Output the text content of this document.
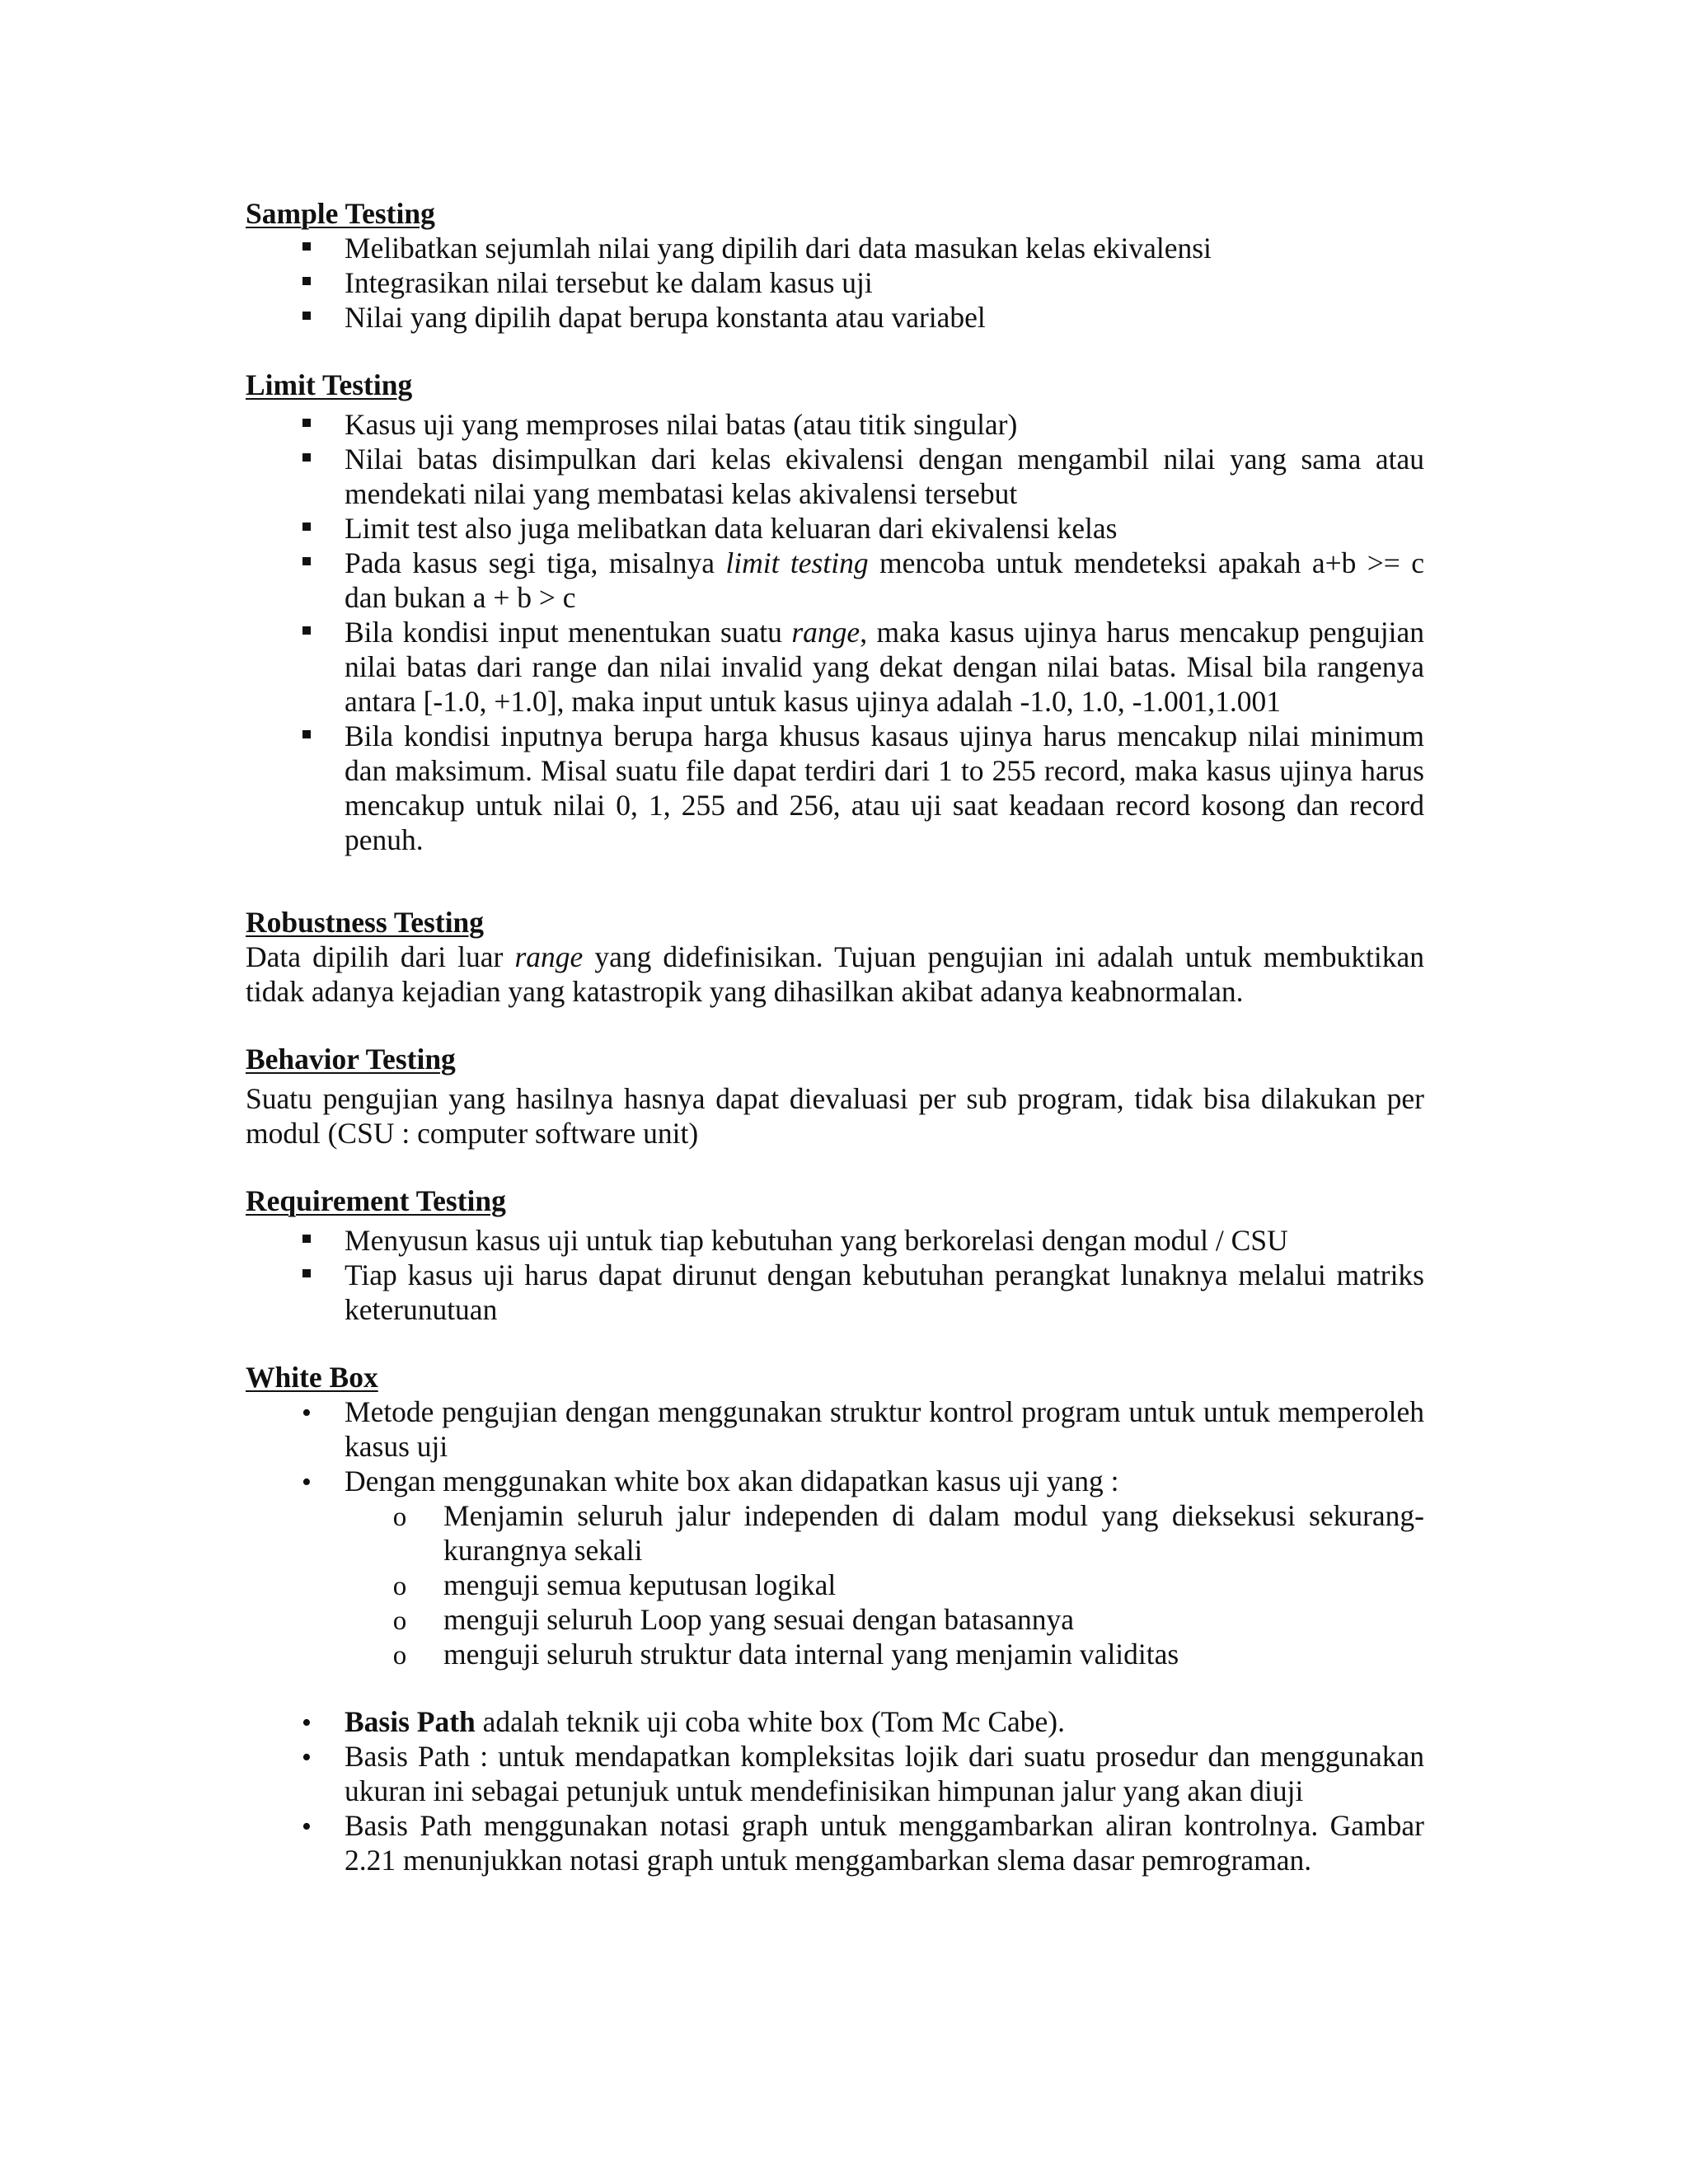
Sample Testing
Melibatkan sejumlah nilai yang dipilih dari data masukan kelas ekivalensi
Integrasikan nilai tersebut ke dalam kasus uji
Nilai yang dipilih dapat berupa konstanta atau variabel
Limit Testing
Kasus uji yang memproses nilai batas (atau titik singular)
Nilai batas disimpulkan dari kelas ekivalensi dengan mengambil nilai yang sama atau mendekati nilai yang membatasi kelas akivalensi tersebut
Limit test also juga melibatkan data keluaran dari ekivalensi kelas
Pada kasus segi tiga, misalnya limit testing mencoba untuk mendeteksi apakah a+b >= c dan bukan a + b > c
Bila kondisi input menentukan suatu range, maka kasus ujinya harus mencakup pengujian nilai batas dari range dan nilai invalid yang dekat dengan nilai batas. Misal bila rangenya antara [-1.0, +1.0], maka input untuk kasus ujinya adalah -1.0, 1.0, -1.001,1.001
Bila kondisi inputnya berupa harga khusus kasaus ujinya harus mencakup nilai minimum dan maksimum. Misal suatu file dapat terdiri dari 1 to 255 record, maka kasus ujinya harus mencakup untuk nilai 0, 1, 255 and 256, atau uji saat keadaan record kosong dan record penuh.
Robustness Testing

Data dipilih dari luar range yang didefinisikan. Tujuan pengujian ini adalah untuk membuktikan tidak adanya kejadian yang katastropik yang dihasilkan akibat adanya keabnormalan.

Behavior Testing

Suatu pengujian yang hasilnya hasnya dapat dievaluasi per sub program, tidak bisa dilakukan per modul (CSU : computer software unit)

Requirement Testing
Menyusun kasus uji untuk tiap kebutuhan yang berkorelasi dengan modul / CSU
Tiap kasus uji harus dapat dirunut dengan kebutuhan perangkat lunaknya melalui matriks keterunutuan
White Box
•
Metode pengujian dengan menggunakan struktur kontrol program untuk untuk memperoleh kasus uji
•
Dengan menggunakan white box akan didapatkan kasus uji yang :
o
Menjamin seluruh jalur independen di dalam modul yang dieksekusi sekurang-kurangnya sekali
o
menguji semua keputusan logikal
o
menguji seluruh Loop yang sesuai dengan batasannya
o
menguji seluruh struktur data internal yang menjamin validitas
•
Basis Path adalah teknik uji coba white box (Tom Mc Cabe).
•
Basis Path : untuk mendapatkan kompleksitas lojik dari suatu prosedur dan menggunakan ukuran ini sebagai petunjuk untuk mendefinisikan himpunan jalur yang akan diuji
•
Basis Path menggunakan notasi graph untuk menggambarkan aliran kontrolnya. Gambar 2.21 menunjukkan notasi graph untuk menggambarkan slema dasar pemrograman.
